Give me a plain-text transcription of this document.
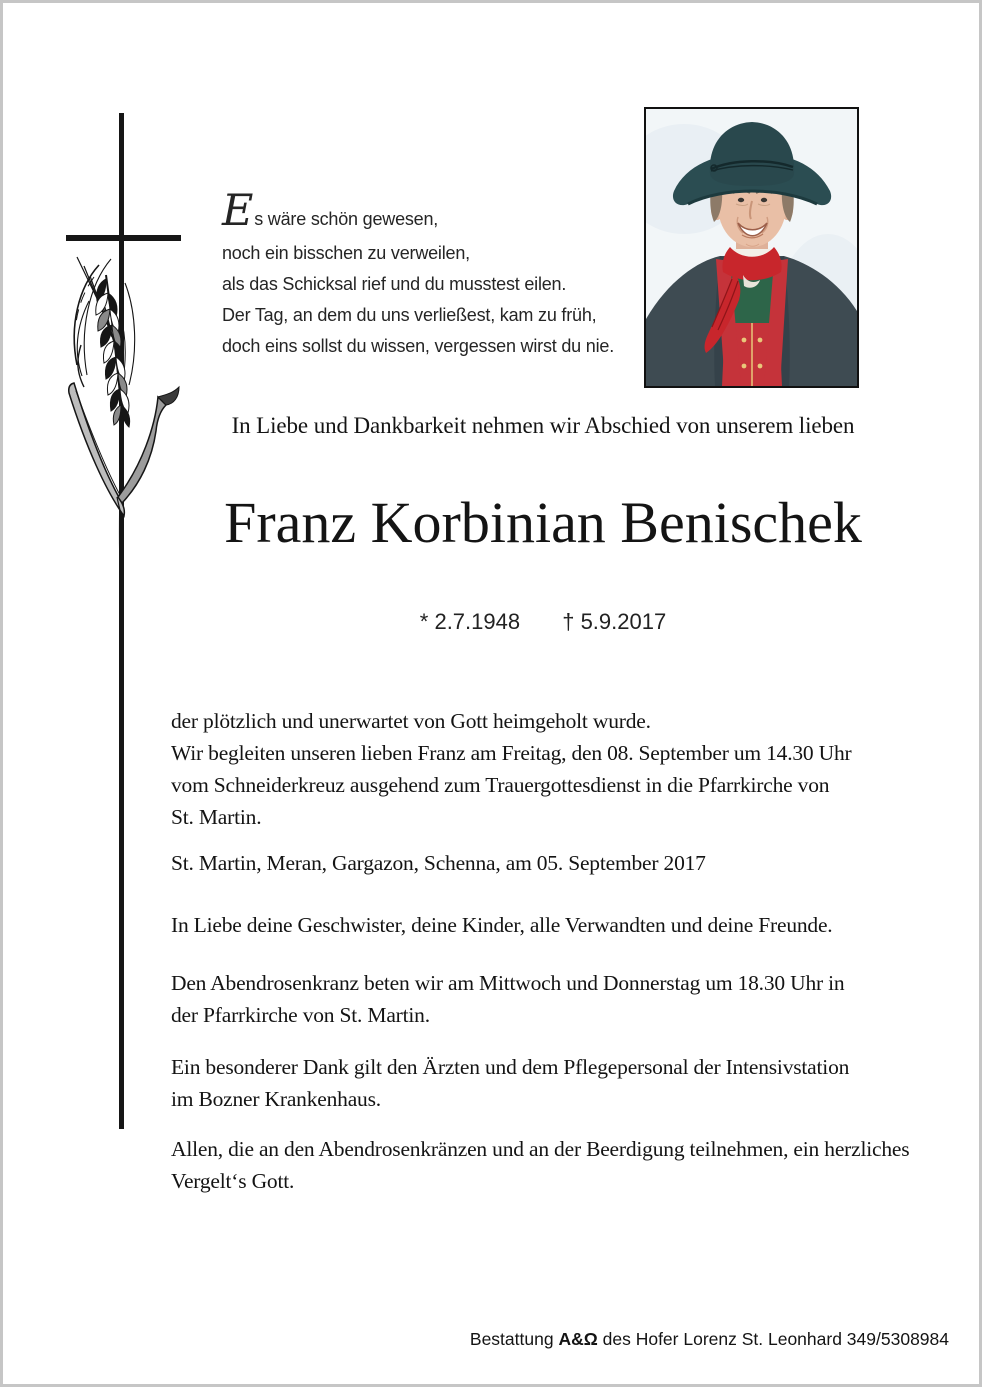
Es wäre schön gewesen,
noch ein bisschen zu verweilen,
als das Schicksal rief und du musstest eilen.
Der Tag, an dem du uns verließest, kam zu früh,
doch eins sollst du wissen, vergessen wirst du nie.
In Liebe und Dankbarkeit nehmen wir Abschied von unserem lieben
Franz Korbinian Benischek
* 2.7.1948 † 5.9.2017

der plötzlich und unerwartet von Gott heimgeholt wurde.
Wir begleiten unseren lieben Franz am Freitag, den 08. September um 14.30 Uhr
vom Schneiderkreuz ausgehend zum Trauergottesdienst in die Pfarrkirche von
St. Martin.

St. Martin, Meran, Gargazon, Schenna, am 05. September 2017

In Liebe deine Geschwister, deine Kinder, alle Verwandten und deine Freunde.

Den Abendrosenkranz beten wir am Mittwoch und Donnerstag um 18.30 Uhr in
der Pfarrkirche von St. Martin.

Ein besonderer Dank gilt den Ärzten und dem Pflegepersonal der Intensivstation
im Bozner Krankenhaus.

Allen, die an den Abendrosenkränzen und an der Beerdigung teilnehmen, ein herzliches
Vergelt‘s Gott.

Bestattung A&Ω des Hofer Lorenz St. Leonhard 349/5308984
